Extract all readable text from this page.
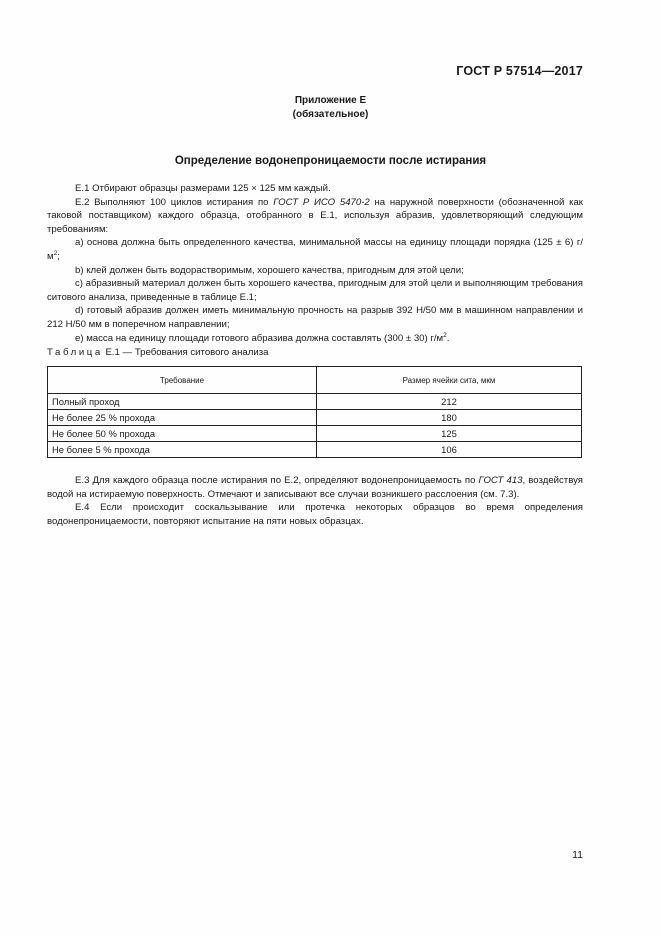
ГОСТ Р 57514—2017
Приложение Е
(обязательное)
Определение водонепроницаемости после истирания

Е.1 Отбирают образцы размерами 125 × 125 мм каждый.

Е.2 Выполняют 100 циклов истирания по ГОСТ Р ИСО 5470-2 на наружной поверхности (обозначенной как таковой поставщиком) каждого образца, отобранного в Е.1, используя абразив, удовлетворяющий следующим требованиям:

а) основа должна быть определенного качества, минимальной массы на единицу площади порядка (125 ± 6) $г/м^2$;

b) клей должен быть водорастворимым, хорошего качества, пригодным для этой цели;

c) абразивный материал должен быть хорошего качества, пригодным для этой цели и выполняющим требования ситового анализа, приведенные в таблице Е.1;

d) готовый абразив должен иметь минимальную прочность на разрыв 392 Н/50 мм в машинном направлении и 212 Н/50 мм в поперечном направлении;

е) масса на единицу площади готового абразива должна составлять (300 ± 30) $г/м^2$.

Таблица Е.1 — Требования ситового анализа
Требование	Размер ячейки сита, мкм
Полный проход	212
Не более 25 % прохода	180
Не более 50 % прохода	125
Не более 5 % прохода	106

Е.3 Для каждого образца после истирания по Е.2, определяют водонепроницаемость по ГОСТ 413, воздействуя водой на истираемую поверхность. Отмечают и записывают все случаи возникшего расслоения (см. 7.3).

Е.4 Если происходит соскальзывание или протечка некоторых образцов во время определения водонепроницаемости, повторяют испытание на пяти новых образцах.

11
